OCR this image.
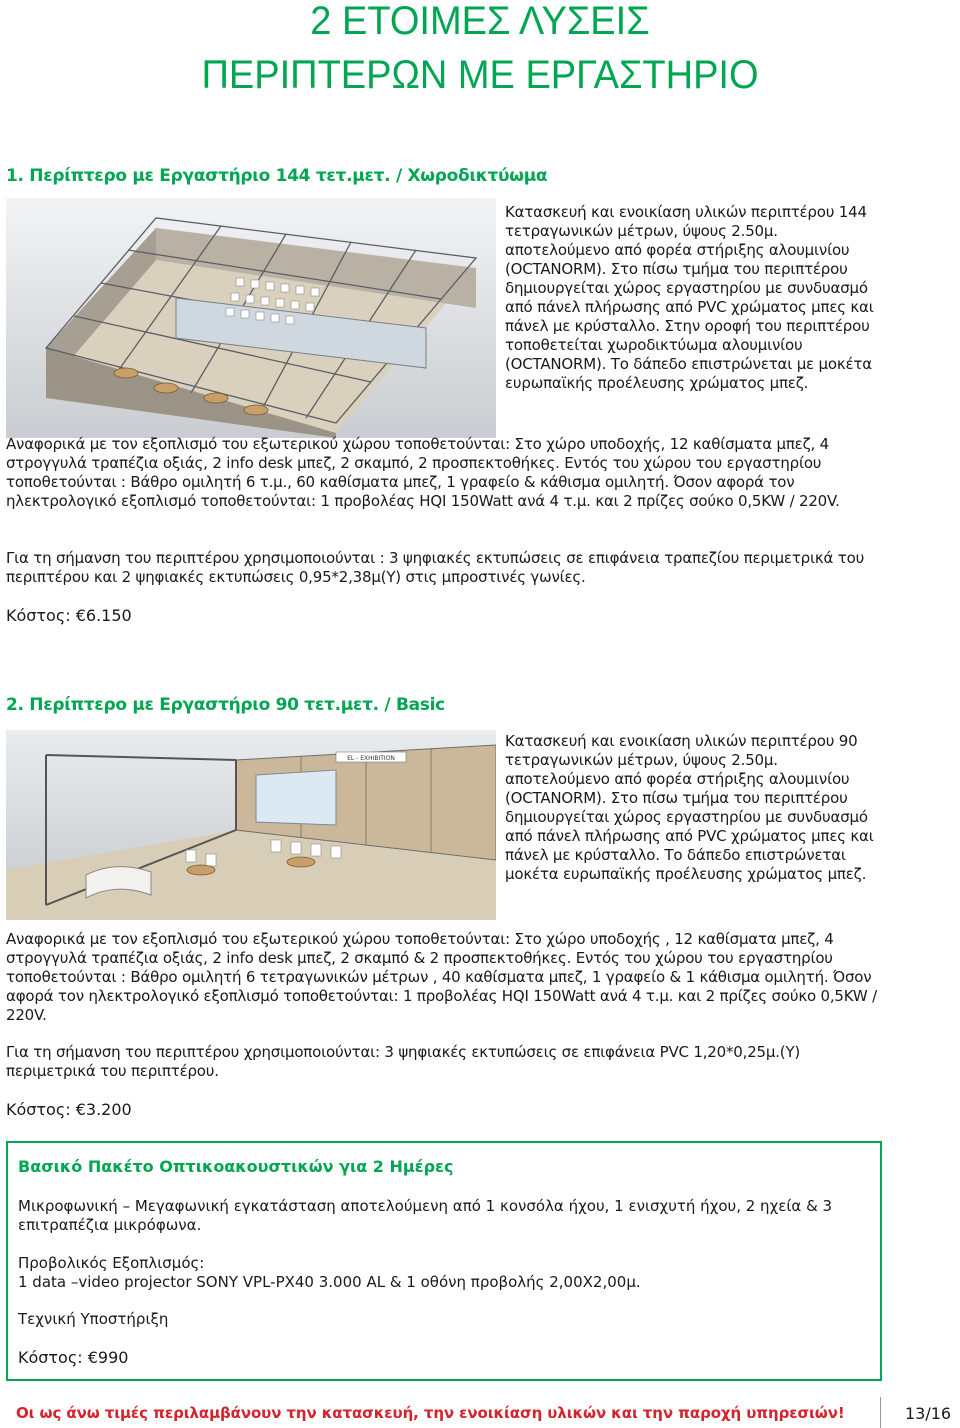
2 ΕΤΟΙΜΕΣ ΛΥΣΕΙΣ
ΠΕΡΙΠΤΕΡΩΝ ΜΕ ΕΡΓΑΣΤΗΡΙΟ
1. Περίπτερο με Εργαστήριο 144 τετ.μετ. / Χωροδικτύωμα

Κατασκευή και ενοικίαση υλικών περιπτέρου 144 τετραγωνικών μέτρων, ύψους 2.50μ. αποτελούμενο από φορέα στήριξης αλουμινίου (OCTANORM). Στο πίσω τμήμα του περιπτέρου δημιουργείται χώρος εργαστηρίου με συνδυασμό από πάνελ πλήρωσης από PVC χρώματος μπες και πάνελ με κρύσταλλο. Στην οροφή του περιπτέρου τοποθετείται χωροδικτύωμα αλουμινίου (OCTANORM). Το δάπεδο επιστρώνεται με μοκέτα ευρωπαϊκής προέλευσης χρώματος μπεζ.

Αναφορικά με τον εξοπλισμό του εξωτερικού χώρου τοποθετούνται: Στο χώρο υποδοχής, 12 καθίσματα μπεζ, 4 στρογγυλά τραπέζια οξιάς, 2 info desk μπεζ, 2 σκαμπό, 2 προσπεκτοθήκες. Εντός του χώρου του εργαστηρίου τοποθετούνται : Βάθρο ομιλητή 6 τ.μ., 60 καθίσματα μπεζ, 1 γραφείο & κάθισμα ομιλητή. Όσον αφορά τον ηλεκτρολογικό εξοπλισμό τοποθετούνται: 1 προβολέας HQI 150Watt ανά 4 τ.μ. και 2 πρίζες σούκο 0,5KW / 220V.

Για τη σήμανση του περιπτέρου χρησιμοποιούνται : 3 ψηφιακές εκτυπώσεις σε επιφάνεια τραπεζίου περιμετρικά του περιπτέρου και 2 ψηφιακές εκτυπώσεις 0,95*2,38μ(Υ) στις μπροστινές γωνίες.

Κόστος: €6.150

2. Περίπτερο με Εργαστήριο 90 τετ.μετ. / Basic
EL - EXHIBITION

Κατασκευή και ενοικίαση υλικών περιπτέρου 90 τετραγωνικών μέτρων, ύψους 2.50μ. αποτελούμενο από φορέα στήριξης αλουμινίου (OCTANORM). Στο πίσω τμήμα του περιπτέρου δημιουργείται χώρος εργαστηρίου με συνδυασμό από πάνελ πλήρωσης από PVC χρώματος μπες και πάνελ με κρύσταλλο. Το δάπεδο επιστρώνεται μοκέτα ευρωπαϊκής προέλευσης χρώματος μπεζ.

Αναφορικά με τον εξοπλισμό του εξωτερικού χώρου τοποθετούνται: Στο χώρο υποδοχής , 12 καθίσματα μπεζ, 4 στρογγυλά τραπέζια οξιάς, 2 info desk μπεζ, 2 σκαμπό & 2 προσπεκτοθήκες. Εντός του χώρου του εργαστηρίου τοποθετούνται : Βάθρο ομιλητή 6 τετραγωνικών μέτρων , 40 καθίσματα μπεζ, 1 γραφείο & 1 κάθισμα ομιλητή. Όσον αφορά τον ηλεκτρολογικό εξοπλισμό τοποθετούνται: 1 προβολέας HQI 150Watt ανά 4 τ.μ. και 2 πρίζες σούκο 0,5KW / 220V.

Για τη σήμανση του περιπτέρου χρησιμοποιούνται: 3 ψηφιακές εκτυπώσεις σε επιφάνεια PVC 1,20*0,25μ.(Υ) περιμετρικά του περιπτέρου.

Κόστος: €3.200

Βασικό Πακέτο Οπτικοακουστικών για 2 Ημέρες

Μικροφωνική – Μεγαφωνική εγκατάσταση αποτελούμενη από 1 κονσόλα ήχου, 1 ενισχυτή ήχου, 2 ηχεία & 3 επιτραπέζια μικρόφωνα.

Προβολικός Εξοπλισμός:

1 data –video projector SONY VPL-PX40 3.000 AL & 1 οθόνη προβολής 2,00X2,00μ.

Τεχνική Υποστήριξη

Κόστος: €990

Οι ως άνω τιμές περιλαμβάνουν την κατασκευή, την ενοικίαση υλικών και την παροχή υπηρεσιών!	13/16
